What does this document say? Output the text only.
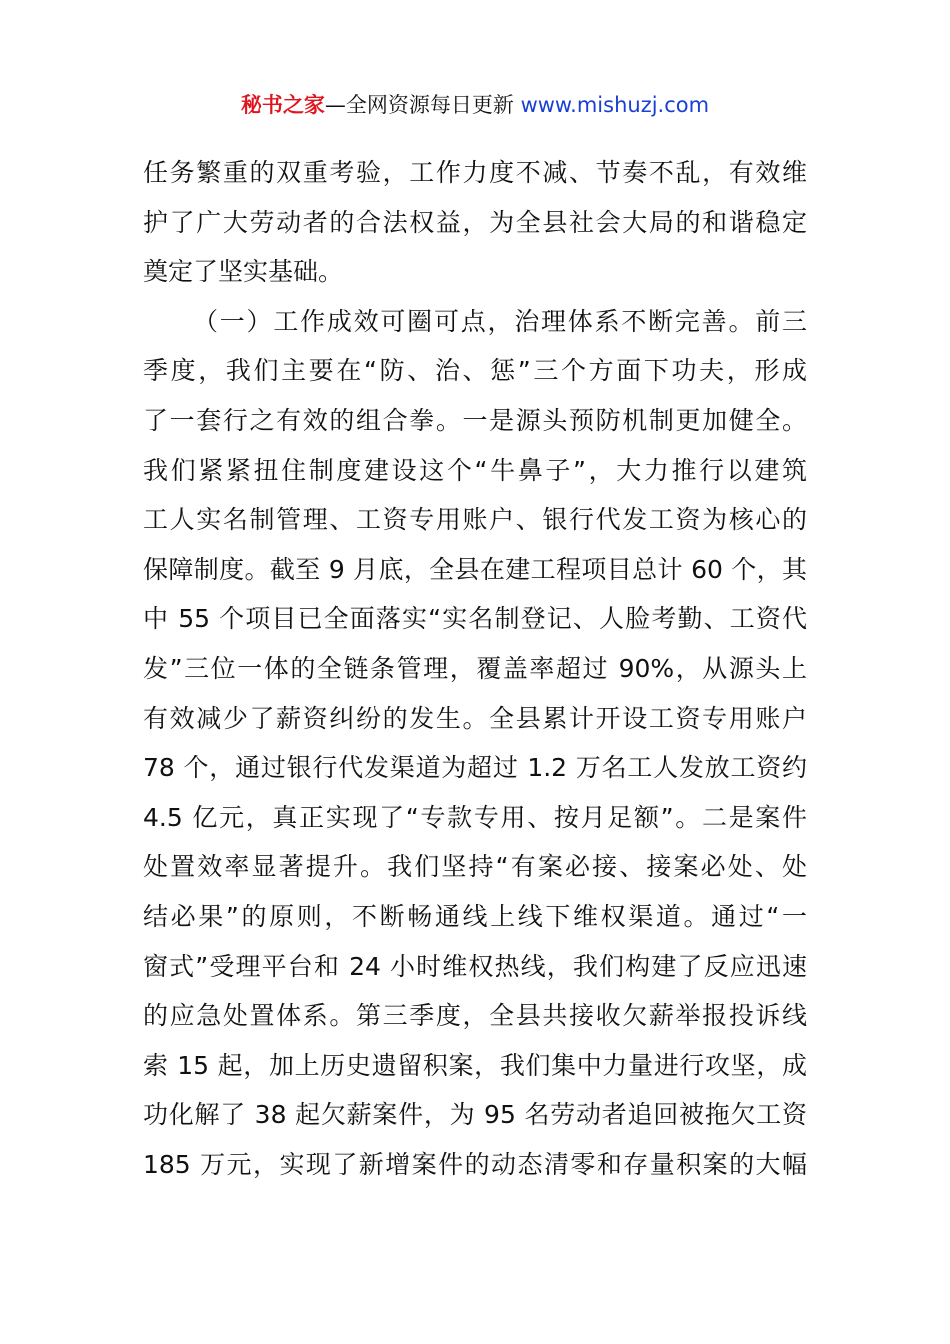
秘书之家—全网资源每日更新 www.mishuzj.com
任务繁重的双重考验，工作力度不减、节奏不乱，有效维
护了广大劳动者的合法权益，为全县社会大局的和谐稳定
奠定了坚实基础。
（一）工作成效可圈可点，治理体系不断完善。前三
季度，我们主要在“防、治、惩”三个方面下功夫，形成
了一套行之有效的组合拳。一是源头预防机制更加健全。
我们紧紧扭住制度建设这个“牛鼻子”，大力推行以建筑
工人实名制管理、工资专用账户、银行代发工资为核心的
保障制度。截至 9 月底，全县在建工程项目总计 60 个，其
中 55 个项目已全面落实“实名制登记、人脸考勤、工资代
发”三位一体的全链条管理，覆盖率超过 90%，从源头上
有效减少了薪资纠纷的发生。全县累计开设工资专用账户
78 个，通过银行代发渠道为超过 1.2 万名工人发放工资约
4.5 亿元，真正实现了“专款专用、按月足额”。二是案件
处置效率显著提升。我们坚持“有案必接、接案必处、处
结必果”的原则，不断畅通线上线下维权渠道。通过“一
窗式”受理平台和 24 小时维权热线，我们构建了反应迅速
的应急处置体系。第三季度，全县共接收欠薪举报投诉线
索 15 起，加上历史遗留积案，我们集中力量进行攻坚，成
功化解了 38 起欠薪案件，为 95 名劳动者追回被拖欠工资
185 万元，实现了新增案件的动态清零和存量积案的大幅
